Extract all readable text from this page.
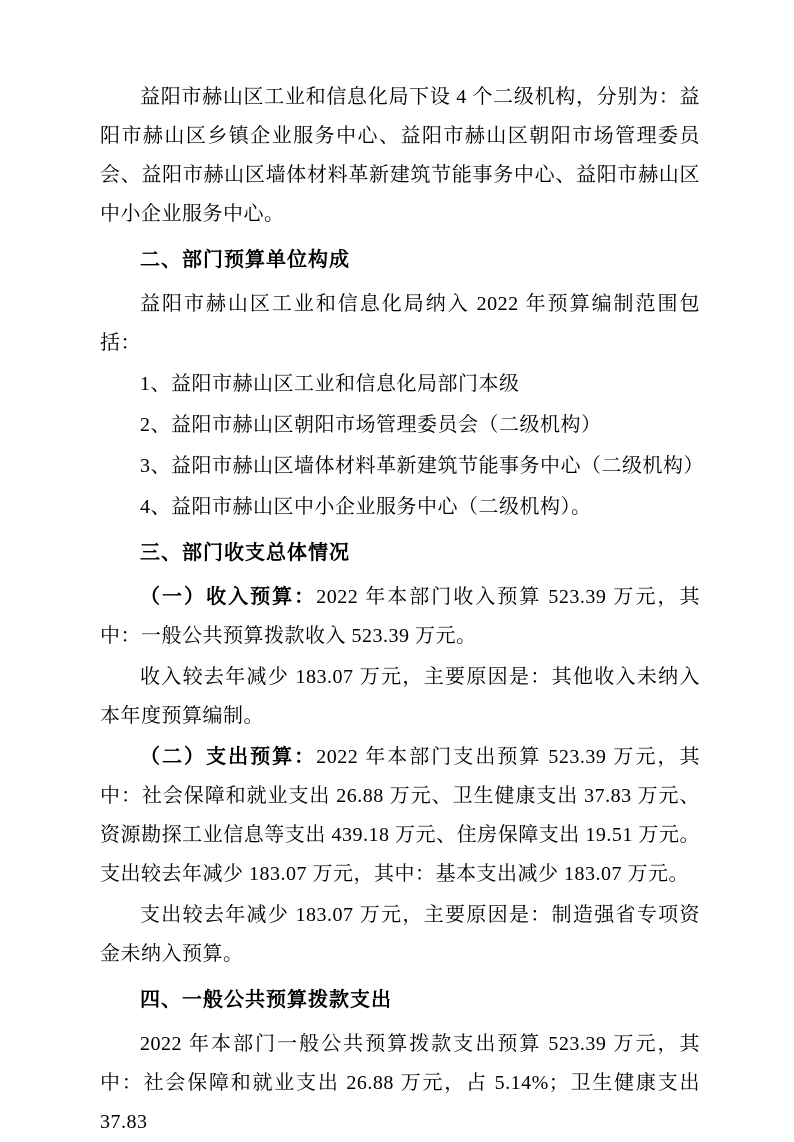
益阳市赫山区工业和信息化局下设 4 个二级机构，分别为：益阳市赫山区乡镇企业服务中心、益阳市赫山区朝阳市场管理委员会、益阳市赫山区墙体材料革新建筑节能事务中心、益阳市赫山区中小企业服务中心。

二、部门预算单位构成

益阳市赫山区工业和信息化局纳入 2022 年预算编制范围包括：

1、益阳市赫山区工业和信息化局部门本级

2、益阳市赫山区朝阳市场管理委员会（二级机构）

3、益阳市赫山区墙体材料革新建筑节能事务中心（二级机构）

4、益阳市赫山区中小企业服务中心（二级机构）。

三、部门收支总体情况

（一）收入预算：2022 年本部门收入预算 523.39 万元，其中：一般公共预算拨款收入 523.39 万元。

收入较去年减少 183.07 万元，主要原因是：其他收入未纳入本年度预算编制。

（二）支出预算：2022 年本部门支出预算 523.39 万元，其中：社会保障和就业支出 26.88 万元、卫生健康支出 37.83 万元、资源勘探工业信息等支出 439.18 万元、住房保障支出 19.51 万元。支出较去年减少 183.07 万元，其中：基本支出减少 183.07 万元。

支出较去年减少 183.07 万元，主要原因是：制造强省专项资金未纳入预算。

四、一般公共预算拨款支出

2022 年本部门一般公共预算拨款支出预算 523.39 万元，其中：社会保障和就业支出 26.88 万元，占 5.14%；卫生健康支出 37.83
